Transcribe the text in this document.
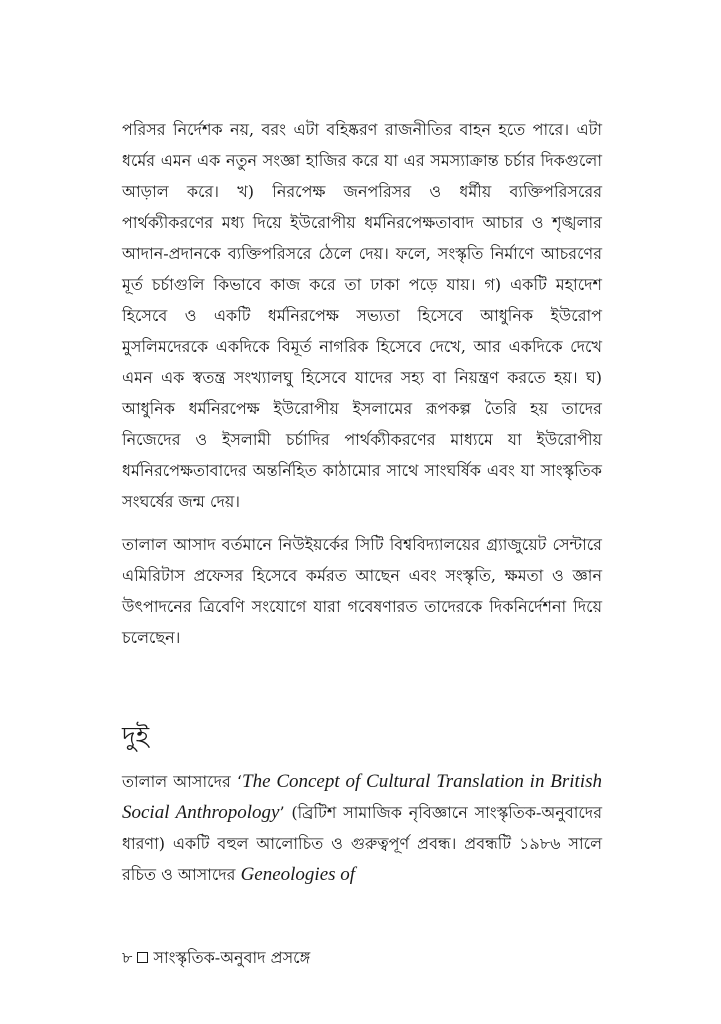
পরিসর নির্দেশক নয়, বরং এটা বহিষ্করণ রাজনীতির বাহন হতে পারে। এটা ধর্মের এমন এক নতুন সংজ্ঞা হাজির করে যা এর সমস্যাক্রান্ত চর্চার দিকগুলো আড়াল করে। খ) নিরপেক্ষ জনপরিসর ও ধর্মীয় ব্যক্তিপরিসরের পার্থক্যীকরণের মধ্য দিয়ে ইউরোপীয় ধর্মনিরপেক্ষতাবাদ আচার ও শৃঙ্খলার আদান-প্রদানকে ব্যক্তিপরিসরে ঠেলে দেয়। ফলে, সংস্কৃতি নির্মাণে আচরণের মূর্ত চর্চাগুলি কিভাবে কাজ করে তা ঢাকা পড়ে যায়। গ) একটি মহাদেশ হিসেবে ও একটি ধর্মনিরপেক্ষ সভ্যতা হিসেবে আধুনিক ইউরোপ মুসলিমদেরকে একদিকে বিমূর্ত নাগরিক হিসেবে দেখে, আর একদিকে দেখে এমন এক স্বতন্ত্র সংখ্যালঘু হিসেবে যাদের সহ্য বা নিয়ন্ত্রণ করতে হয়। ঘ) আধুনিক ধর্মনিরপেক্ষ ইউরোপীয় ইসলামের রূপকল্প তৈরি হয় তাদের নিজেদের ও ইসলামী চর্চাদির পার্থক্যীকরণের মাধ্যমে যা ইউরোপীয় ধর্মনিরপেক্ষতাবাদের অন্তর্নিহিত কাঠামোর সাথে সাংঘর্ষিক এবং যা সাংস্কৃতিক সংঘর্ষের জন্ম দেয়।

তালাল আসাদ বর্তমানে নিউইয়র্কের সিটি বিশ্ববিদ্যালয়ের গ্র্যাজুয়েট সেন্টারে এমিরিটাস প্রফেসর হিসেবে কর্মরত আছেন এবং সংস্কৃতি, ক্ষমতা ও জ্ঞান উৎপাদনের ত্রিবেণি সংযোগে যারা গবেষণারত তাদেরকে দিকনির্দেশনা দিয়ে চলেছেন।

দুই

তালাল আসাদের ‘The Concept of Cultural Translation in British Social Anthropology’ (ব্রিটিশ সামাজিক নৃবিজ্ঞানে সাংস্কৃতিক-অনুবাদের ধারণা) একটি বহুল আলোচিত ও গুরুত্বপূর্ণ প্রবন্ধ। প্রবন্ধটি ১৯৮৬ সালে রচিত ও আসাদের Geneologies of

৮ সাংস্কৃতিক-অনুবাদ প্রসঙ্গে
